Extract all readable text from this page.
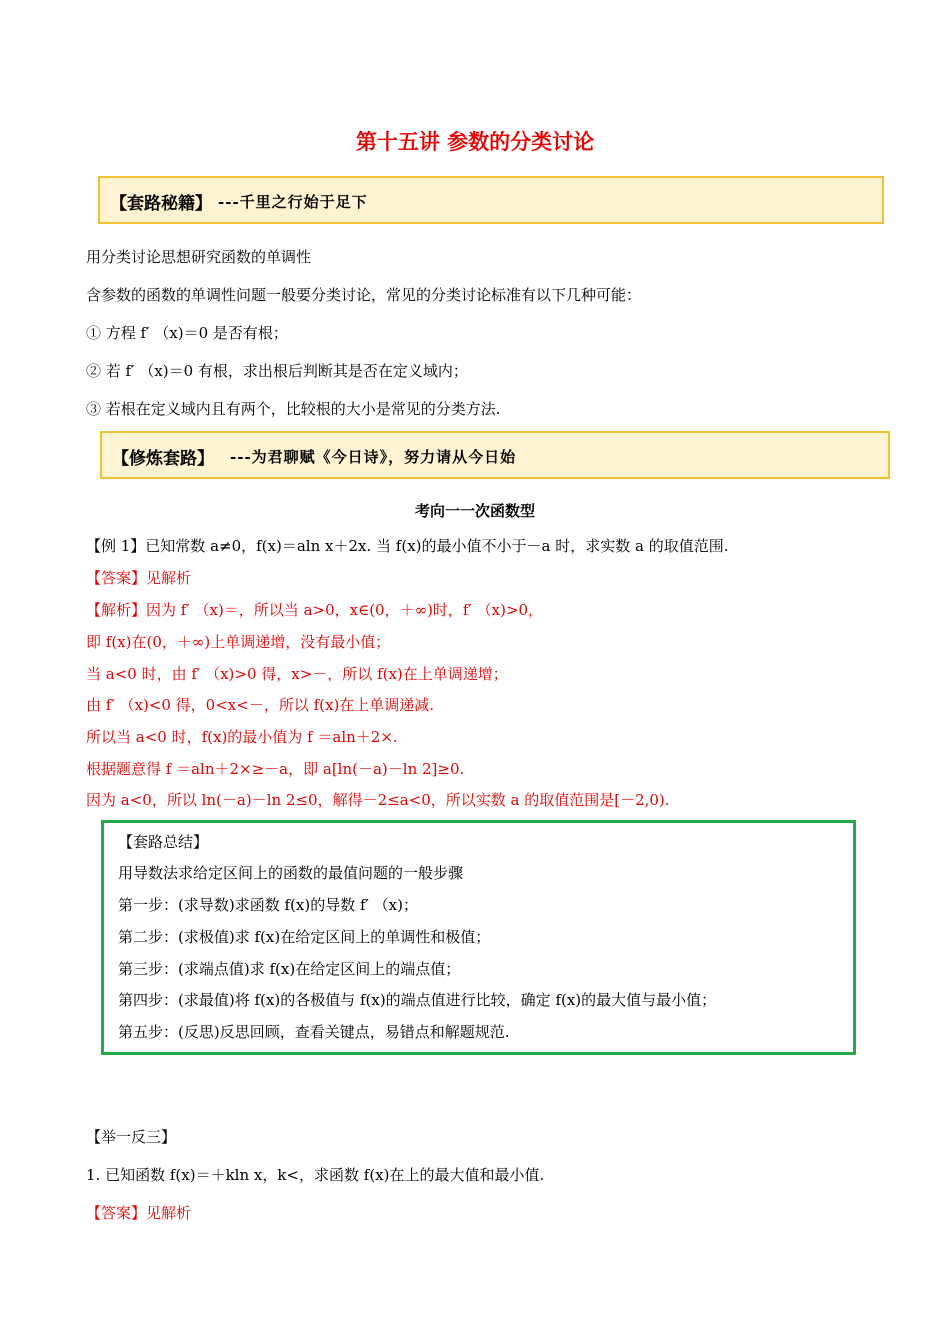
第十五讲 参数的分类讨论
【套路秘籍】 ---千里之行始于足下
用分类讨论思想研究函数的单调性
含参数的函数的单调性问题一般要分类讨论，常见的分类讨论标准有以下几种可能：
① 方程 f′ （x)＝0 是否有根；
② 若 f′ （x)＝0 有根，求出根后判断其是否在定义域内；
③ 若根在定义域内且有两个，比较根的大小是常见的分类方法.
【修炼套路】 ---为君聊赋《今日诗》，努力请从今日始
考向一一次函数型
【例 1】已知常数 a≠0，f(x)＝aln x＋2x. 当 f(x)的最小值不小于－a 时，求实数 a 的取值范围.
【答案】见解析
【解析】因为 f′ （x)＝，所以当 a>0，x∈(0，＋∞)时，f′ （x)>0，
即 f(x)在(0，＋∞)上单调递增，没有最小值；
当 a<0 时，由 f′ （x)>0 得，x>－，所以 f(x)在上单调递增；
由 f′ （x)<0 得，0<x<－，所以 f(x)在上单调递减.
所以当 a<0 时，f(x)的最小值为 f ＝aln＋2×.
根据题意得 f ＝aln＋2×≥－a，即 a[ln(－a)－ln 2]≥0.
因为 a<0，所以 ln(－a)－ln 2≤0，解得－2≤a<0，所以实数 a 的取值范围是[－2,0).
【套路总结】
用导数法求给定区间上的函数的最值问题的一般步骤
第一步：(求导数)求函数 f(x)的导数 f′ （x)；
第二步：(求极值)求 f(x)在给定区间上的单调性和极值；
第三步：(求端点值)求 f(x)在给定区间上的端点值；
第四步：(求最值)将 f(x)的各极值与 f(x)的端点值进行比较，确定 f(x)的最大值与最小值；
第五步：(反思)反思回顾，查看关键点，易错点和解题规范.
【举一反三】
1. 已知函数 f(x)＝＋kln x，k<，求函数 f(x)在上的最大值和最小值.
【答案】见解析
